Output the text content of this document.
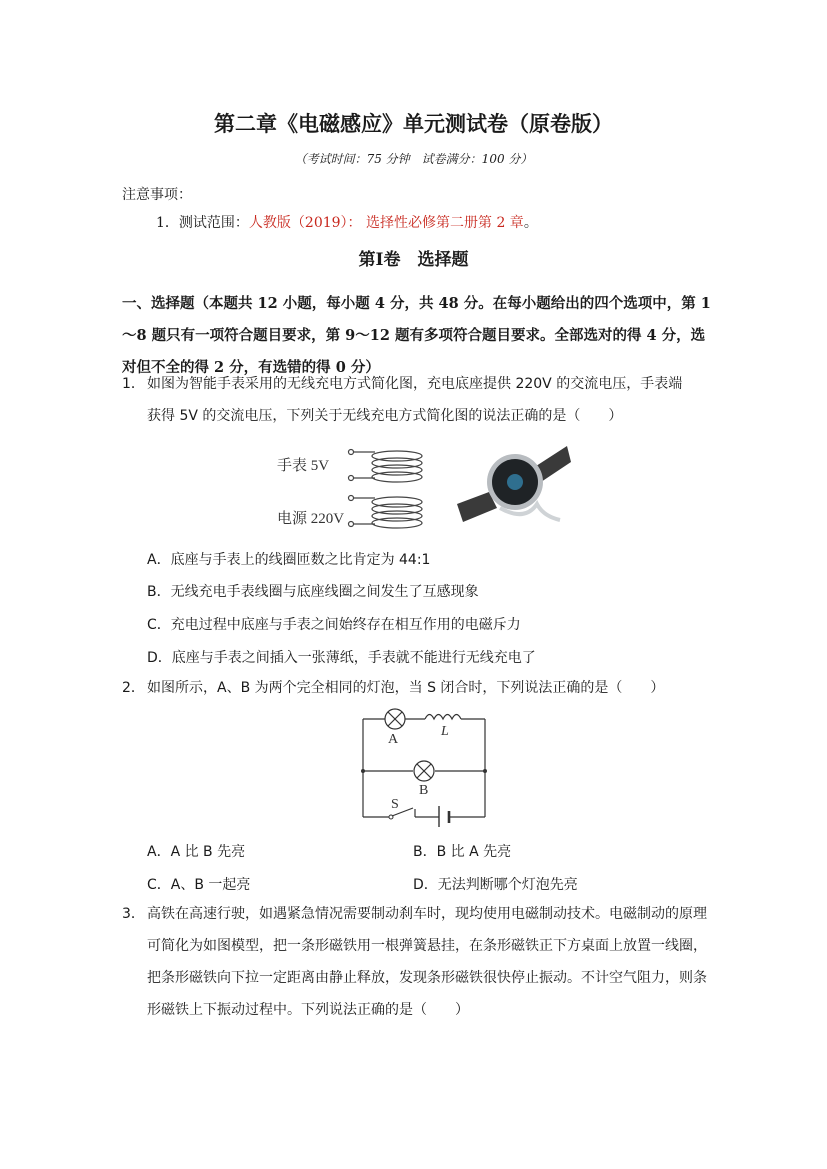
第二章《电磁感应》单元测试卷（原卷版）
（考试时间：75 分钟　试卷满分：100 分）
注意事项：
1．测试范围：人教版（2019）： 选择性必修第二册第 2 章。
第Ⅰ卷　选择题
一、选择题（本题共 12 小题，每小题 4 分，共 48 分。在每小题给出的四个选项中，第 1～8 题只有一项符合题目要求，第 9～12 题有多项符合题目要求。全部选对的得 4 分，选对但不全的得 2 分，有选错的得 0 分）
1． 如图为智能手表采用的无线充电方式简化图，充电底座提供 220V 的交流电压，手表端
获得 5V 的交流电压，下列关于无线充电方式简化图的说法正确的是（　　）
手表 5V
电源 220V
A．底座与手表上的线圈匝数之比肯定为 44:1
B．无线充电手表线圈与底座线圈之间发生了互感现象
C．充电过程中底座与手表之间始终存在相互作用的电磁斥力
D．底座与手表之间插入一张薄纸，手表就不能进行无线充电了
2． 如图所示，A、B 为两个完全相同的灯泡，当 S 闭合时，下列说法正确的是（　　）
A
L
B
S
A．A 比 B 先亮	B．B 比 A 先亮
C．A、B 一起亮	D．无法判断哪个灯泡先亮
3． 高铁在高速行驶，如遇紧急情况需要制动刹车时，现均使用电磁制动技术。电磁制动的原理可简化为如图模型，把一条形磁铁用一根弹簧悬挂，在条形磁铁正下方桌面上放置一线圈，把条形磁铁向下拉一定距离由静止释放，发现条形磁铁很快停止振动。不计空气阻力，则条形磁铁上下振动过程中。下列说法正确的是（　　）
